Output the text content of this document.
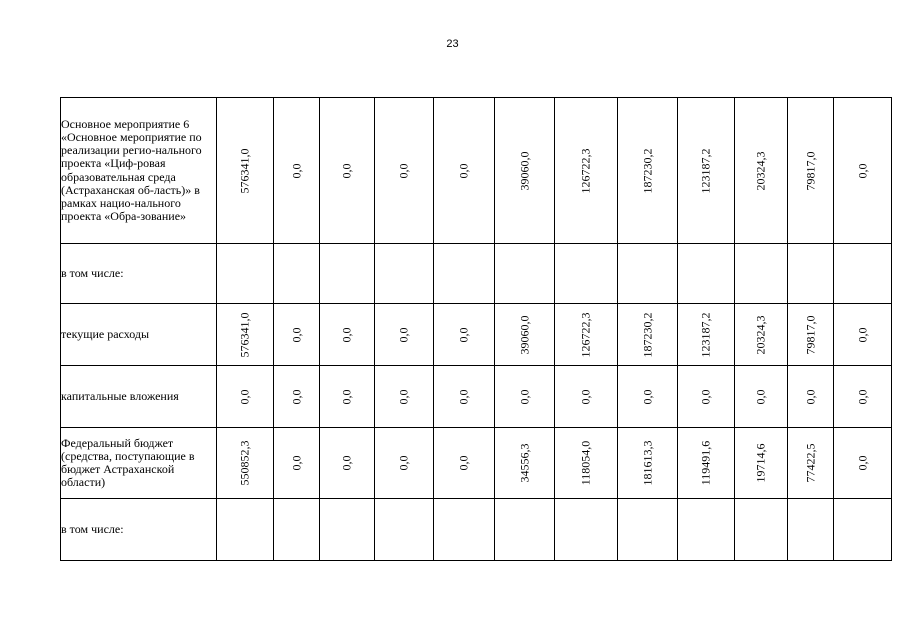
23
Основное мероприятие 6 «Основное мероприятие по реализации регио-нального проекта «Циф-ровая образовательная среда (Астраханская об-ласть)» в рамках нацио-нального проекта «Обра-зование»	576341,0	0,0	0,0	0,0	0,0	39060,0	126722,3	187230,2	123187,2	20324,3	79817,0	0,0

в том числе:	

текущие расходы	576341,0	0,0	0,0	0,0	0,0	39060,0	126722,3	187230,2	123187,2	20324,3	79817,0	0,0

капитальные вложения	0,0	0,0	0,0	0,0	0,0	0,0	0,0	0,0	0,0	0,0	0,0	0,0

Федеральный бюджет (средства, поступающие в бюджет Астраханской области)	550852,3	0,0	0,0	0,0	0,0	34556,3	118054,0	181613,3	119491,6	19714,6	77422,5	0,0

в том числе:	
